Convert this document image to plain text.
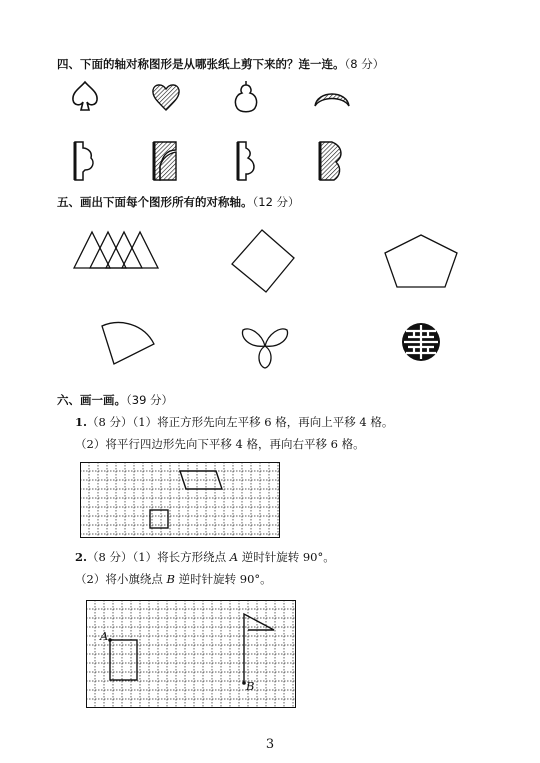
四、下面的轴对称图形是从哪张纸上剪下来的？连一连。（8 分）
五、画出下面每个图形所有的对称轴。（12 分）
六、画一画。（39 分）
1.（8 分）（1）将正方形先向左平移 6 格，再向上平移 4 格。
（2）将平行四边形先向下平移 4 格，再向右平移 6 格。
2.（8 分）（1）将长方形绕点 A 逆时针旋转 90°。
（2）将小旗绕点 B 逆时针旋转 90°。
A
B
3
